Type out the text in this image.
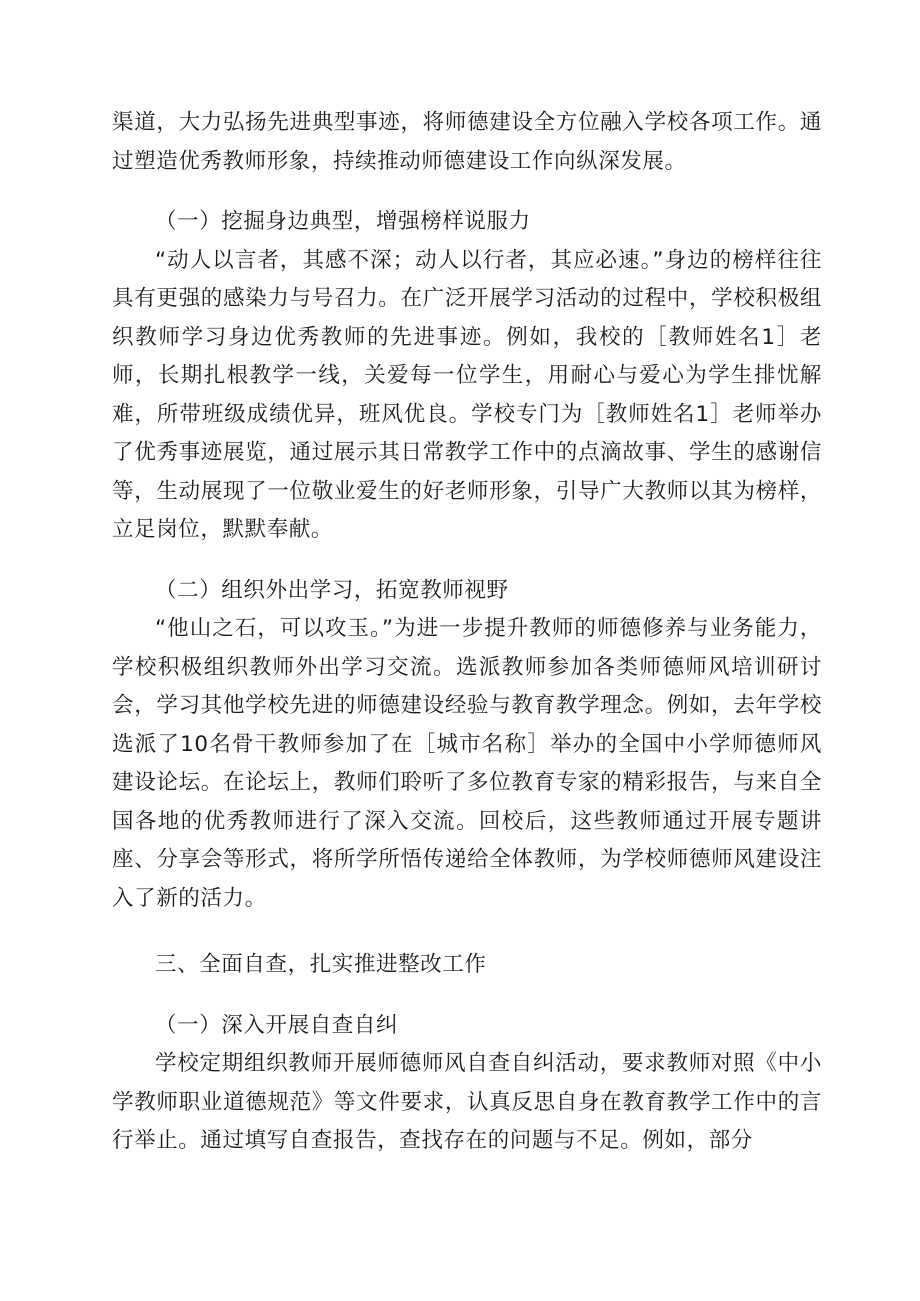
渠道，大力弘扬先进典型事迹，将师德建设全方位融入学校各项工作。通过塑造优秀教师形象，持续推动师德建设工作向纵深发展。

（一）挖掘身边典型，增强榜样说服力

“动人以言者，其感不深；动人以行者，其应必速。”身边的榜样往往具有更强的感染力与号召力。在广泛开展学习活动的过程中，学校积极组织教师学习身边优秀教师的先进事迹。例如，我校的［教师姓名1］老师，长期扎根教学一线，关爱每一位学生，用耐心与爱心为学生排忧解难，所带班级成绩优异，班风优良。学校专门为［教师姓名1］老师举办了优秀事迹展览，通过展示其日常教学工作中的点滴故事、学生的感谢信等，生动展现了一位敬业爱生的好老师形象，引导广大教师以其为榜样，立足岗位，默默奉献。

（二）组织外出学习，拓宽教师视野

“他山之石，可以攻玉。”为进一步提升教师的师德修养与业务能力，学校积极组织教师外出学习交流。选派教师参加各类师德师风培训研讨会，学习其他学校先进的师德建设经验与教育教学理念。例如，去年学校选派了10名骨干教师参加了在［城市名称］举办的全国中小学师德师风建设论坛。在论坛上，教师们聆听了多位教育专家的精彩报告，与来自全国各地的优秀教师进行了深入交流。回校后，这些教师通过开展专题讲座、分享会等形式，将所学所悟传递给全体教师，为学校师德师风建设注入了新的活力。

三、全面自查，扎实推进整改工作
（一）深入开展自查自纠

学校定期组织教师开展师德师风自查自纠活动，要求教师对照《中小学教师职业道德规范》等文件要求，认真反思自身在教育教学工作中的言行举止。通过填写自查报告，查找存在的问题与不足。例如，部分
